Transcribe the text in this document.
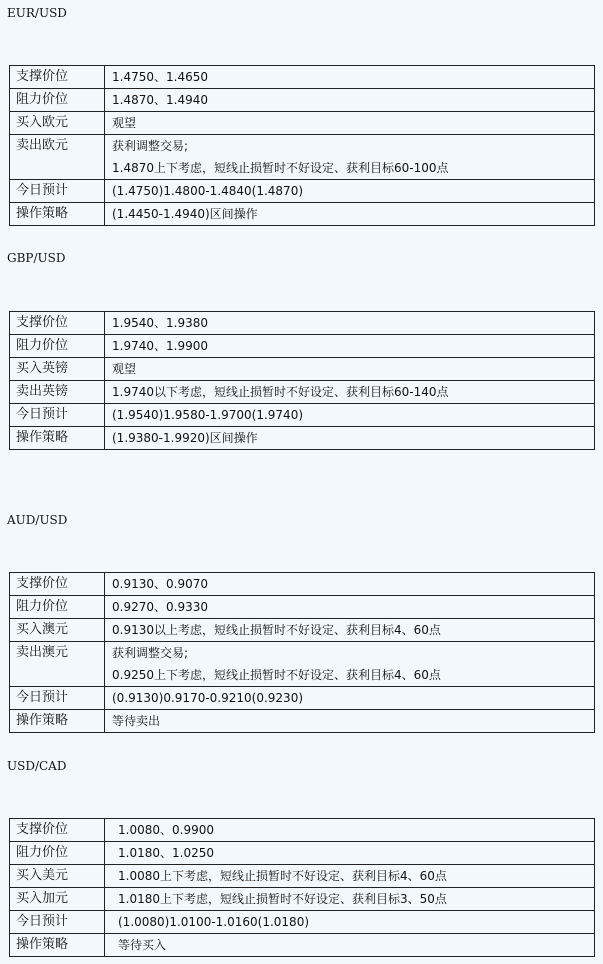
EUR/USD
支撑价位	1.4750、1.4650
阻力价位	1.4870、1.4940
买入欧元	观望
卖出欧元	获利调整交易;
1.4870上下考虑，短线止损暂时不好设定、获利目标60-100点

今日预计	(1.4750)1.4800-1.4840(1.4870)
操作策略	(1.4450-1.4940)区间操作
GBP/USD
支撑价位	1.9540、1.9380
阻力价位	1.9740、1.9900
买入英镑	观望
卖出英镑	1.9740以下考虑，短线止损暂时不好设定、获利目标60-140点
今日预计	(1.9540)1.9580-1.9700(1.9740)
操作策略	(1.9380-1.9920)区间操作
AUD/USD
支撑价位	0.9130、0.9070
阻力价位	0.9270、0.9330
买入澳元	0.9130以上考虑，短线止损暂时不好设定、获利目标4、60点
卖出澳元	获利调整交易;
0.9250上下考虑，短线止损暂时不好设定、获利目标4、60点

今日预计	(0.9130)0.9170-0.9210(0.9230)
操作策略	等待卖出
USD/CAD
支撑价位	1.0080、0.9900
阻力价位	1.0180、1.0250
买入美元	1.0080上下考虑，短线止损暂时不好设定、获利目标4、60点
买入加元	1.0180上下考虑，短线止损暂时不好设定、获利目标3、50点
今日预计	(1.0080)1.0100-1.0160(1.0180)
操作策略	等待买入
